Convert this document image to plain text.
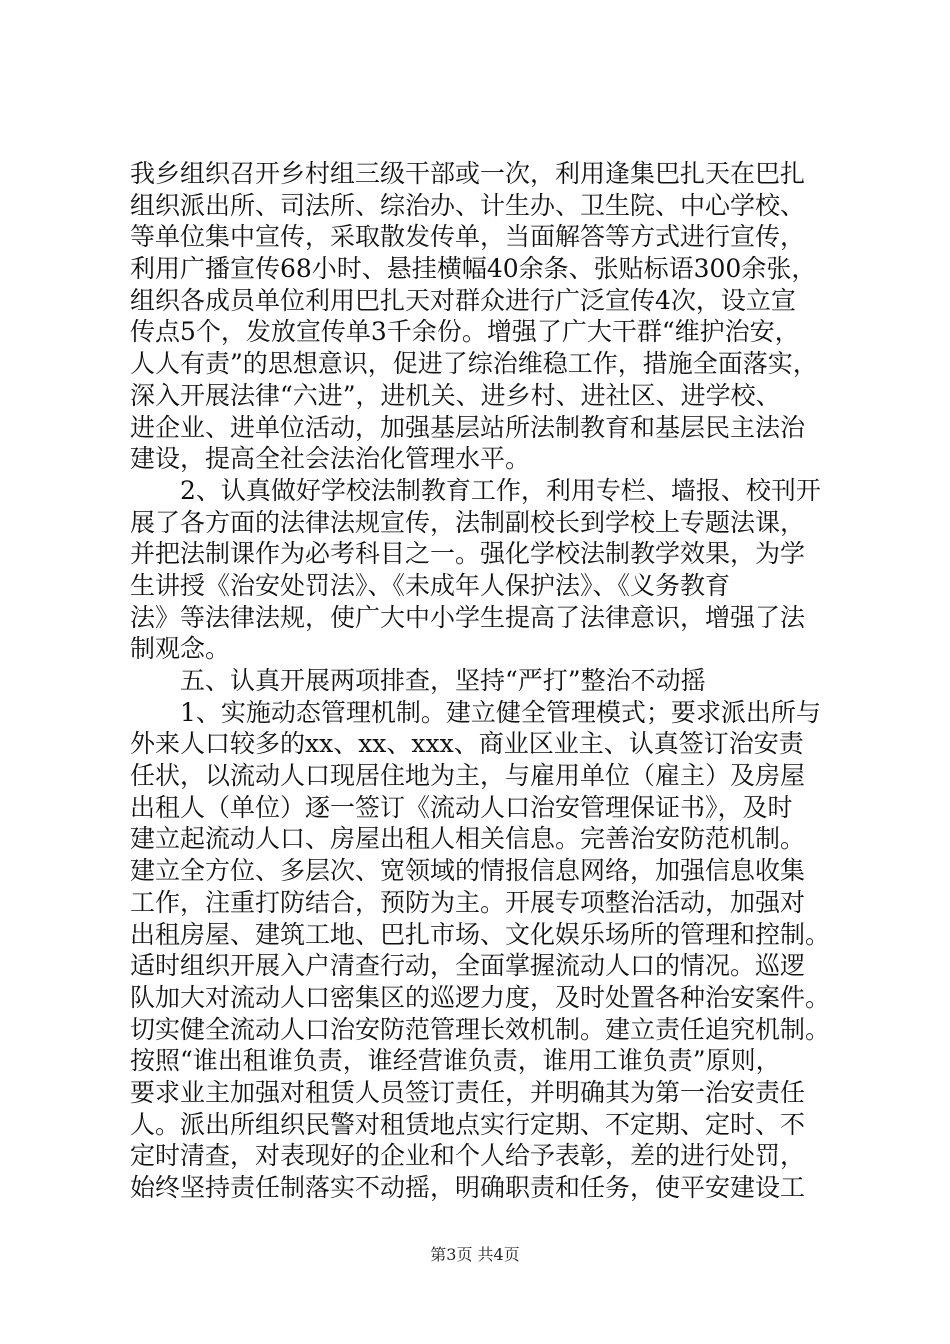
我乡组织召开乡村组三级干部或一次，利用逢集巴扎天在巴扎
组织派出所、司法所、综治办、计生办、卫生院、中心学校、
等单位集中宣传，采取散发传单，当面解答等方式进行宣传，
利用广播宣传68小时、悬挂横幅40余条、张贴标语300余张，
组织各成员单位利用巴扎天对群众进行广泛宣传4次，设立宣
传点5个，发放宣传单3千余份。增强了广大干群“维护治安，
人人有责”的思想意识，促进了综治维稳工作，措施全面落实，
深入开展法律“六进”，进机关、进乡村、进社区、进学校、
进企业、进单位活动，加强基层站所法制教育和基层民主法治
建设，提高全社会法治化管理水平。
　　2、认真做好学校法制教育工作，利用专栏、墙报、校刊开
展了各方面的法律法规宣传，法制副校长到学校上专题法课，
并把法制课作为必考科目之一。强化学校法制教学效果，为学
生讲授《治安处罚法》、《未成年人保护法》、《义务教育
法》等法律法规，使广大中小学生提高了法律意识，增强了法
制观念。
　　五、认真开展两项排查，坚持“严打”整治不动摇
　　1、实施动态管理机制。建立健全管理模式；要求派出所与
外来人口较多的xx、xx、xxx、商业区业主、认真签订治安责
任状，以流动人口现居住地为主，与雇用单位（雇主）及房屋
出租人（单位）逐一签订《流动人口治安管理保证书》，及时
建立起流动人口、房屋出租人相关信息。完善治安防范机制。
建立全方位、多层次、宽领域的情报信息网络，加强信息收集
工作，注重打防结合，预防为主。开展专项整治活动，加强对
出租房屋、建筑工地、巴扎市场、文化娱乐场所的管理和控制。
适时组织开展入户清查行动，全面掌握流动人口的情况。巡逻
队加大对流动人口密集区的巡逻力度，及时处置各种治安案件。
切实健全流动人口治安防范管理长效机制。建立责任追究机制。
按照“谁出租谁负责，谁经营谁负责，谁用工谁负责”原则，
要求业主加强对租赁人员签订责任，并明确其为第一治安责任
人。派出所组织民警对租赁地点实行定期、不定期、定时、不
定时清查，对表现好的企业和个人给予表彰，差的进行处罚，
始终坚持责任制落实不动摇，明确职责和任务，使平安建设工
第3页 共4页
